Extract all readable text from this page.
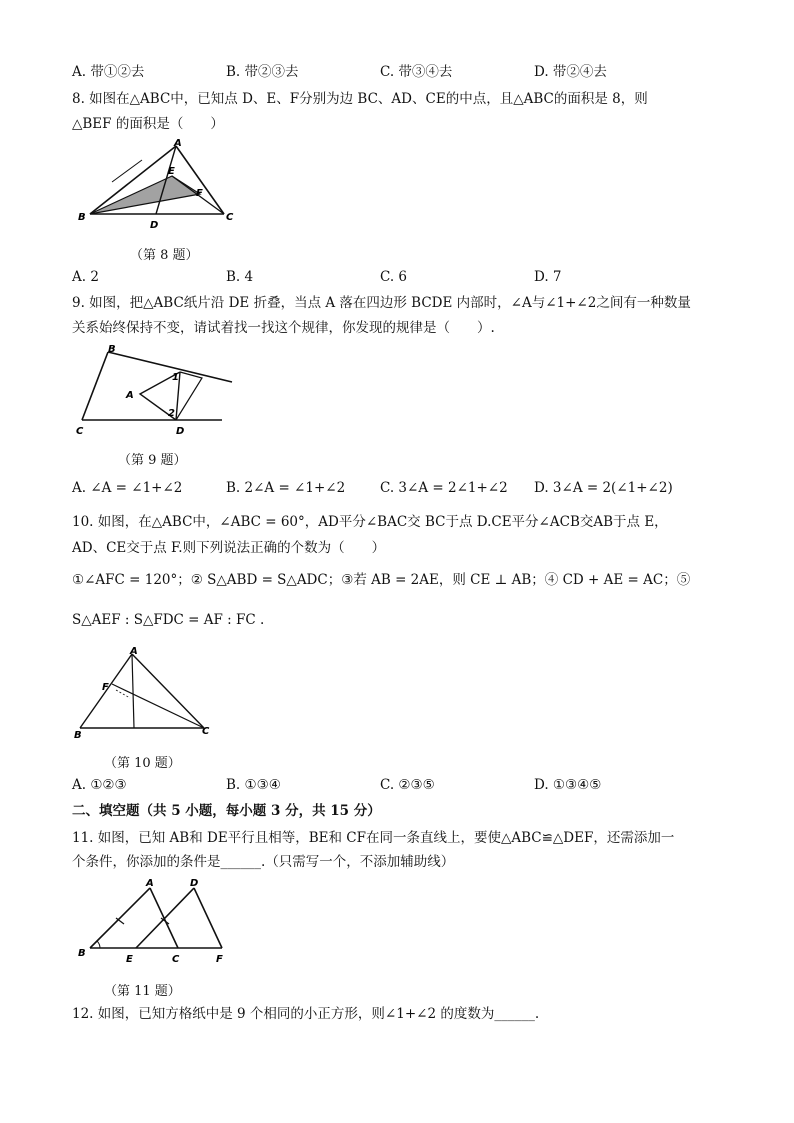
A. 带①②去	B. 带②③去	C. 带③④去	D. 带②④去
8. 如图在△ABC中，已知点 D、E、F分别为边 BC、AD、CE的中点，且△ABC的面积是 8，则
△BEF 的面积是（　　）
A
B	C
D
E
F
（第 8 题）
A. 2	B. 4	C. 6	D. 7
9. 如图，把△ABC纸片沿 DE 折叠，当点 A 落在四边形 BCDE 内部时，∠A与∠1+∠2之间有一种数量
关系始终保持不变，请试着找一找这个规律，你发现的规律是（　　）.
B
C	D
A
1
2
（第 9 题）
A. ∠A = ∠1+∠2	B. 2∠A = ∠1+∠2	C. 3∠A = 2∠1+∠2 D. 3∠A = 2(∠1+∠2)
10. 如图，在△ABC中，∠ABC = 60°，AD平分∠BAC交 BC于点 D.CE平分∠ACB交AB于点 E，
AD、CE交于点 F.则下列说法正确的个数为（　　）
①∠AFC = 120°；② S△ABD = S△ADC；③若 AB = 2AE，则 CE ⊥ AB；④ CD + AE = AC；⑤
S△AEF : S△FDC = AF : FC .
A
B	C
F
（第 10 题）
A. ①②③	B. ①③④	C. ②③⑤	D. ①③④⑤
二、填空题（共 5 小题，每小题 3 分，共 15 分）
11. 如图，已知 AB和 DE平行且相等，BE和 CF在同一条直线上，要使△ABC≌△DEF，还需添加一
个条件，你添加的条件是______.（只需写一个，不添加辅助线）
A	D
B
E	C	F
（第 11 题）
12. 如图，已知方格纸中是 9 个相同的小正方形，则∠1+∠2 的度数为______.
